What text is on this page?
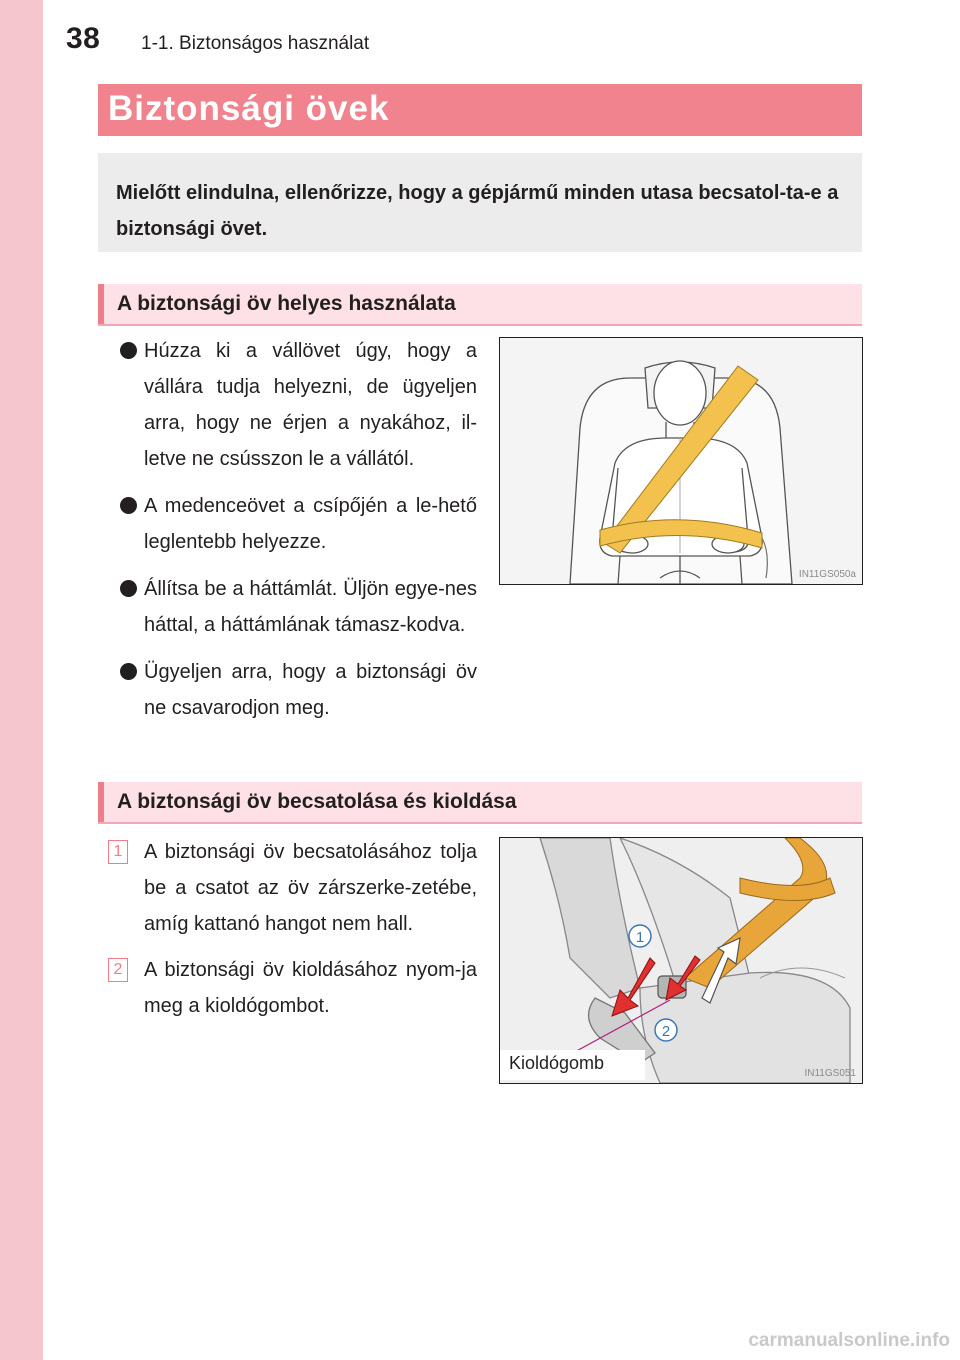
38 1-1. Biztonságos használat
Biztonsági övek

Mielőtt elindulna, ellenőrizze, hogy a gépjármű minden utasa becsatol-ta-e a biztonsági övet.

A biztonsági öv helyes használata
Húzza ki a vállövet úgy, hogy a vállára tudja helyezni, de ügyeljen arra, hogy ne érjen a nyakához, il-letve ne csússzon le a vállától.
A medenceövet a csípőjén a le-hető leglentebb helyezze.
Állítsa be a háttámlát. Üljön egye-nes háttal, a háttámlának támasz-kodva.
Ügyeljen arra, hogy a biztonsági öv ne csavarodjon meg.
IN11GS050a
A biztonsági öv becsatolása és kioldása
1 A biztonsági öv becsatolásához tolja be a csatot az öv zárszerke-zetébe, amíg kattanó hangot nem hall.
2 A biztonsági öv kioldásához nyom-ja meg a kioldógombot.
1
2
IN11GS051
Kioldógomb
carmanualsonline.info
